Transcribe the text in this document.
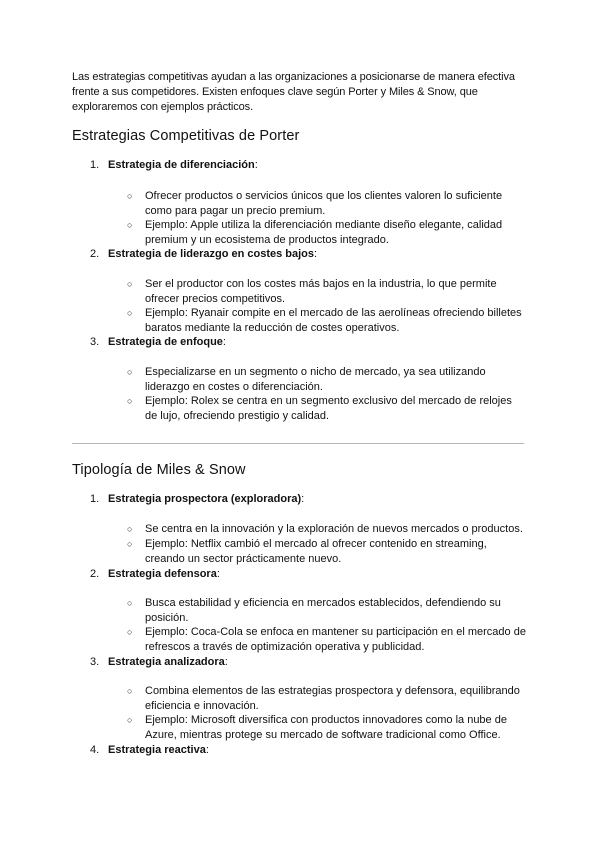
Las estrategias competitivas ayudan a las organizaciones a posicionarse de manera efectiva frente a sus competidores. Existen enfoques clave según Porter y Miles & Snow, que exploraremos con ejemplos prácticos.

Estrategias Competitivas de Porter
1. Estrategia de diferenciación:
○ Ofrecer productos o servicios únicos que los clientes valoren lo suficiente como para pagar un precio premium.
○ Ejemplo: Apple utiliza la diferenciación mediante diseño elegante, calidad premium y un ecosistema de productos integrado.
2. Estrategia de liderazgo en costes bajos:
○ Ser el productor con los costes más bajos en la industria, lo que permite ofrecer precios competitivos.
○ Ejemplo: Ryanair compite en el mercado de las aerolíneas ofreciendo billetes baratos mediante la reducción de costes operativos.
3. Estrategia de enfoque:
○ Especializarse en un segmento o nicho de mercado, ya sea utilizando liderazgo en costes o diferenciación.
○ Ejemplo: Rolex se centra en un segmento exclusivo del mercado de relojes de lujo, ofreciendo prestigio y calidad.
Tipología de Miles & Snow
1. Estrategia prospectora (exploradora):
○ Se centra en la innovación y la exploración de nuevos mercados o productos.
○ Ejemplo: Netflix cambió el mercado al ofrecer contenido en streaming, creando un sector prácticamente nuevo.
2. Estrategia defensora:
○ Busca estabilidad y eficiencia en mercados establecidos, defendiendo su posición.
○ Ejemplo: Coca-Cola se enfoca en mantener su participación en el mercado de refrescos a través de optimización operativa y publicidad.
3. Estrategia analizadora:
○ Combina elementos de las estrategias prospectora y defensora, equilibrando eficiencia e innovación.
○ Ejemplo: Microsoft diversifica con productos innovadores como la nube de Azure, mientras protege su mercado de software tradicional como Office.
4. Estrategia reactiva:
